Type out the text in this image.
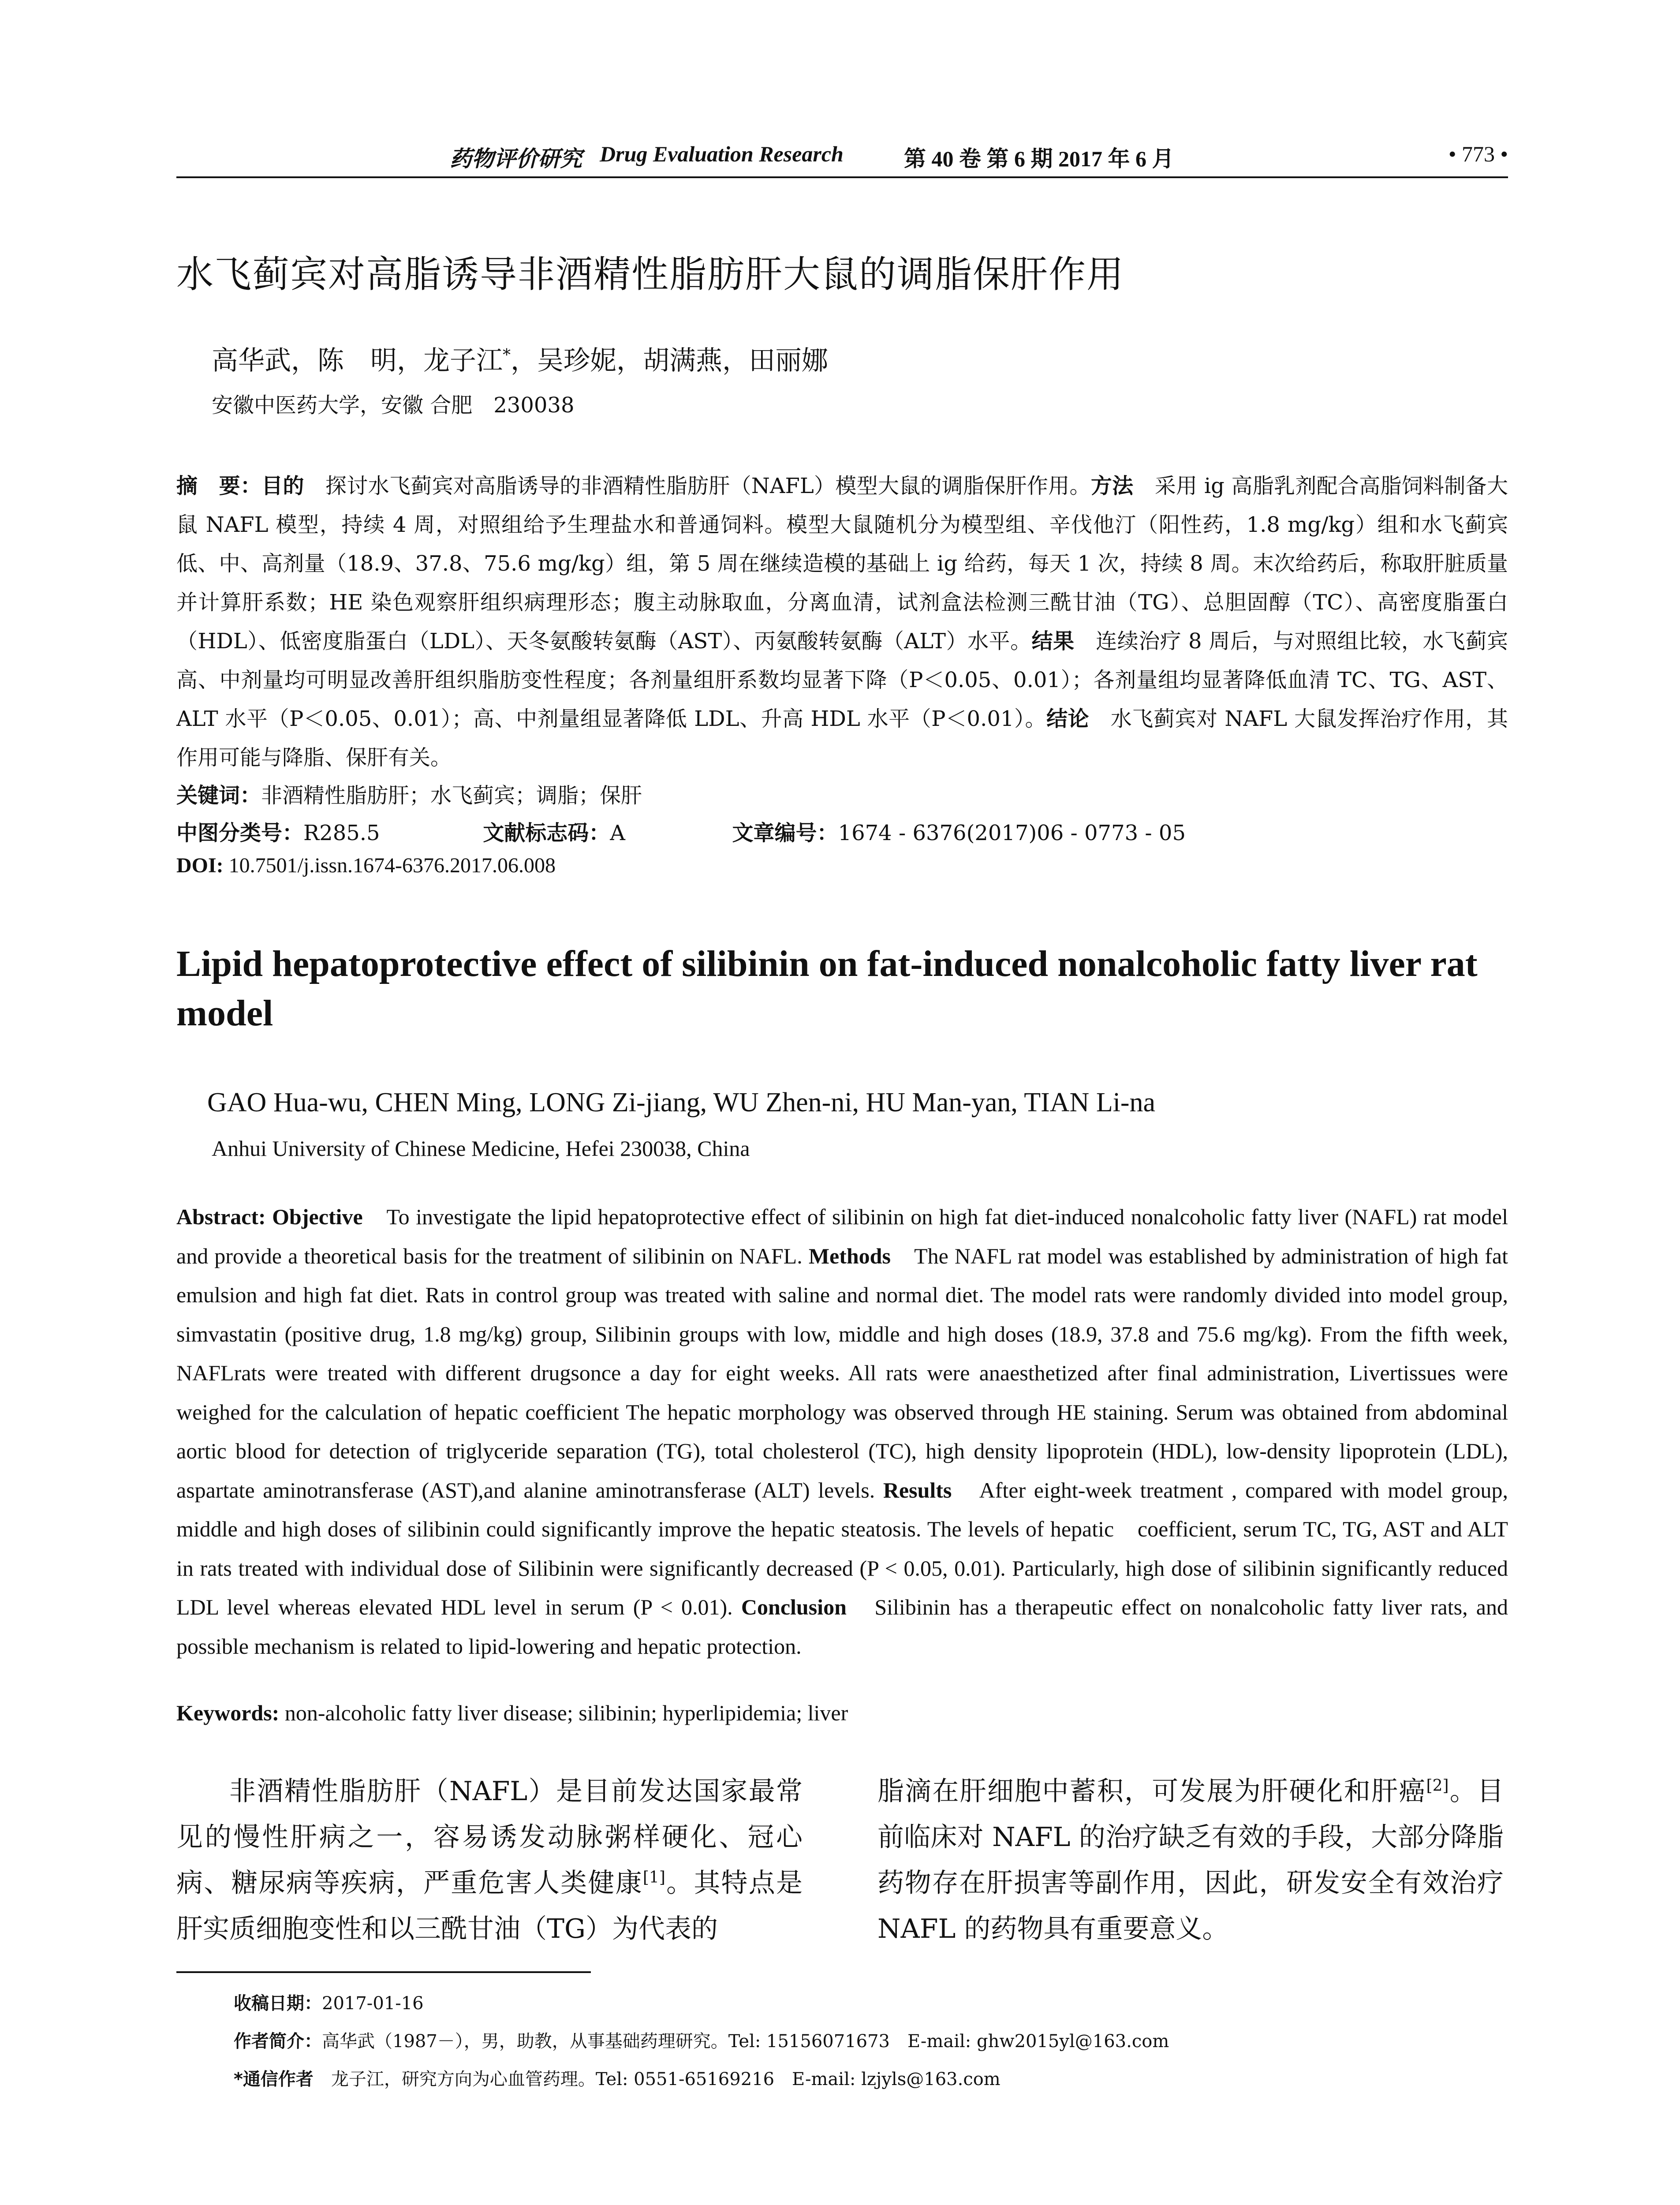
药物评价研究 Drug Evaluation Research	第 40 卷 第 6 期 2017 年 6 月	• 773 •
水飞蓟宾对高脂诱导非酒精性脂肪肝大鼠的调脂保肝作用
高华武，陈　明，龙子江*，吴珍妮，胡满燕，田丽娜
安徽中医药大学，安徽 合肥　230038
摘　要：目的　探讨水飞蓟宾对高脂诱导的非酒精性脂肪肝（NAFL）模型大鼠的调脂保肝作用。方法　采用 ig 高脂乳剂配合高脂饲料制备大鼠 NAFL 模型，持续 4 周，对照组给予生理盐水和普通饲料。模型大鼠随机分为模型组、辛伐他汀（阳性药，1.8 mg/kg）组和水飞蓟宾低、中、高剂量（18.9、37.8、75.6 mg/kg）组，第 5 周在继续造模的基础上 ig 给药，每天 1 次，持续 8 周。末次给药后，称取肝脏质量并计算肝系数；HE 染色观察肝组织病理形态；腹主动脉取血，分离血清，试剂盒法检测三酰甘油（TG）、总胆固醇（TC）、高密度脂蛋白（HDL）、低密度脂蛋白（LDL）、天冬氨酸转氨酶（AST）、丙氨酸转氨酶（ALT）水平。结果　连续治疗 8 周后，与对照组比较，水飞蓟宾高、中剂量均可明显改善肝组织脂肪变性程度；各剂量组肝系数均显著下降（P＜0.05、0.01）；各剂量组均显著降低血清 TC、TG、AST、ALT 水平（P＜0.05、0.01）；高、中剂量组显著降低 LDL、升高 HDL 水平（P＜0.01）。结论　水飞蓟宾对 NAFL 大鼠发挥治疗作用，其作用可能与降脂、保肝有关。
关键词：非酒精性脂肪肝；水飞蓟宾；调脂；保肝
中图分类号：R285.5	文献标志码：A	文章编号：1674 - 6376(2017)06 - 0773 - 05
DOI: 10.7501/j.issn.1674-6376.2017.06.008
Lipid hepatoprotective effect of silibinin on fat-induced nonalcoholic fatty liver rat model
GAO Hua-wu, CHEN Ming, LONG Zi-jiang, WU Zhen-ni, HU Man-yan, TIAN Li-na
Anhui University of Chinese Medicine, Hefei 230038, China
Abstract: Objective　To investigate the lipid hepatoprotective effect of silibinin on high fat diet-induced nonalcoholic fatty liver (NAFL) rat model and provide a theoretical basis for the treatment of silibinin on NAFL. Methods　The NAFL rat model was established by administration of high fat emulsion and high fat diet. Rats in control group was treated with saline and normal diet. The model rats were randomly divided into model group, simvastatin (positive drug, 1.8 mg/kg) group, Silibinin groups with low, middle and high doses (18.9, 37.8 and 75.6 mg/kg). From the fifth week, NAFLrats were treated with different drugsonce a day for eight weeks. All rats were anaesthetized after final administration, Livertissues were weighed for the calculation of hepatic coefficient The hepatic morphology was observed through HE staining. Serum was obtained from abdominal aortic blood for detection of triglyceride separation (TG), total cholesterol (TC), high density lipoprotein (HDL), low-density lipoprotein (LDL), aspartate aminotransferase (AST),and alanine aminotransferase (ALT) levels. Results　After eight-week treatment , compared with model group, middle and high doses of silibinin could significantly improve the hepatic steatosis. The levels of hepatic　coefficient, serum TC, TG, AST and ALT in rats treated with individual dose of Silibinin were significantly decreased (P < 0.05, 0.01). Particularly, high dose of silibinin significantly reduced LDL level whereas elevated HDL level in serum (P < 0.01). Conclusion　Silibinin has a therapeutic effect on nonalcoholic fatty liver rats, and possible mechanism is related to lipid-lowering and hepatic protection.
Keywords: non-alcoholic fatty liver disease; silibinin; hyperlipidemia; liver
非酒精性脂肪肝（NAFL）是目前发达国家最常见的慢性肝病之一，容易诱发动脉粥样硬化、冠心病、糖尿病等疾病，严重危害人类健康[1]。其特点是肝实质细胞变性和以三酰甘油（TG）为代表的
脂滴在肝细胞中蓄积，可发展为肝硬化和肝癌[2]。目前临床对 NAFL 的治疗缺乏有效的手段，大部分降脂药物存在肝损害等副作用，因此，研发安全有效治疗 NAFL 的药物具有重要意义。
收稿日期：2017-01-16
作者简介：高华武（1987－），男，助教，从事基础药理研究。Tel: 15156071673　E-mail: ghw2015yl@163.com
*通信作者　龙子江，研究方向为心血管药理。Tel: 0551-65169216　E-mail: lzjyls@163.com
